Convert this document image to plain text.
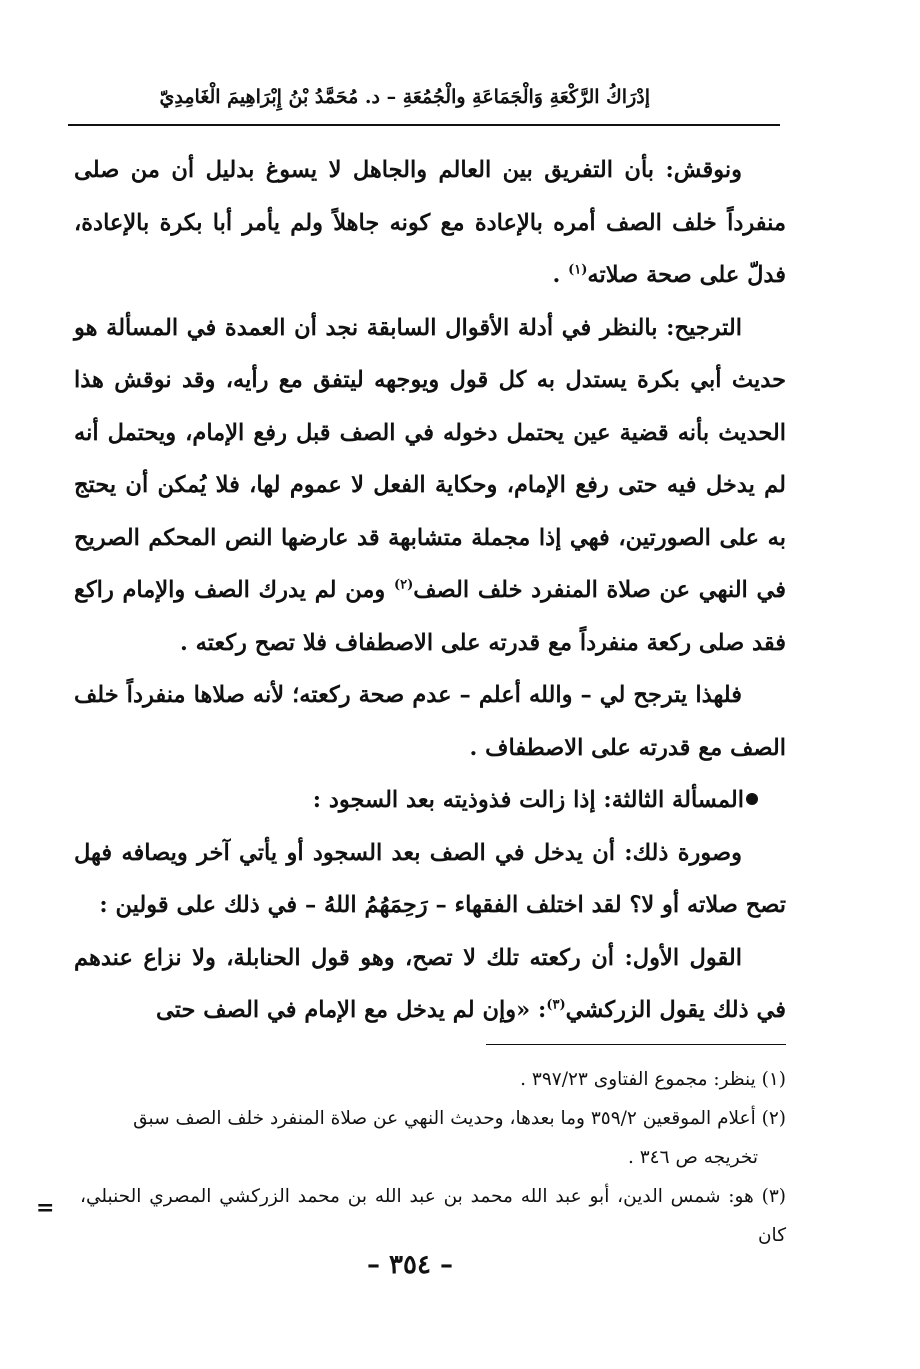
إدْرَاكُ الرَّكْعَةِ وَالْجَمَاعَةِ والْجُمُعَةِ – د. مُحَمَّدُ بْنُ إِبْرَاهِيمَ الْغَامِدِيّ

ونوقش: بأن التفريق بين العالم والجاهل لا يسوغ بدليل أن من صلى منفرداً خلف الصف أمره بالإعادة مع كونه جاهلاً ولم يأمر أبا بكرة بالإعادة، فدلّ على صحة صلاته$^{(١)}$ .

الترجيح: بالنظر في أدلة الأقوال السابقة نجد أن العمدة في المسألة هو حديث أبي بكرة يستدل به كل قول ويوجهه ليتفق مع رأيه، وقد نوقش هذا الحديث بأنه قضية عين يحتمل دخوله في الصف قبل رفع الإمام، ويحتمل أنه لم يدخل فيه حتى رفع الإمام، وحكاية الفعل لا عموم لها، فلا يُمكن أن يحتج به على الصورتين، فهي إذا مجملة متشابهة قد عارضها النص المحكم الصريح في النهي عن صلاة المنفرد خلف الصف$^{(٢)}$ ومن لم يدرك الصف والإمام راكع فقد صلى ركعة منفرداً مع قدرته على الاصطفاف فلا تصح ركعته .

فلهذا يترجح لي – والله أعلم – عدم صحة ركعته؛ لأنه صلاها منفرداً خلف الصف مع قدرته على الاصطفاف .

المسألة الثالثة: إذا زالت فذوذيته بعد السجود :

وصورة ذلك: أن يدخل في الصف بعد السجود أو يأتي آخر ويصافه فهل تصح صلاته أو لا؟ لقد اختلف الفقهاء – رَحِمَهُمُ اللهُ – في ذلك على قولين :

القول الأول: أن ركعته تلك لا تصح، وهو قول الحنابلة، ولا نزاع عندهم في ذلك يقول الزركشي$^{(٣)}$: «وإن لم يدخل مع الإمام في الصف حتى

(١) ينظر: مجموع الفتاوى ٣٩٧/٢٣ .

(٢) أعلام الموقعين ٣٥٩/٢ وما بعدها، وحديث النهي عن صلاة المنفرد خلف الصف سبق
تخريجه ص ٣٤٦ .

(٣) هو: شمس الدين، أبو عبد الله محمد بن عبد الله بن محمد الزركشي المصري الحنبلي، كان

=
– ٣٥٤ –
